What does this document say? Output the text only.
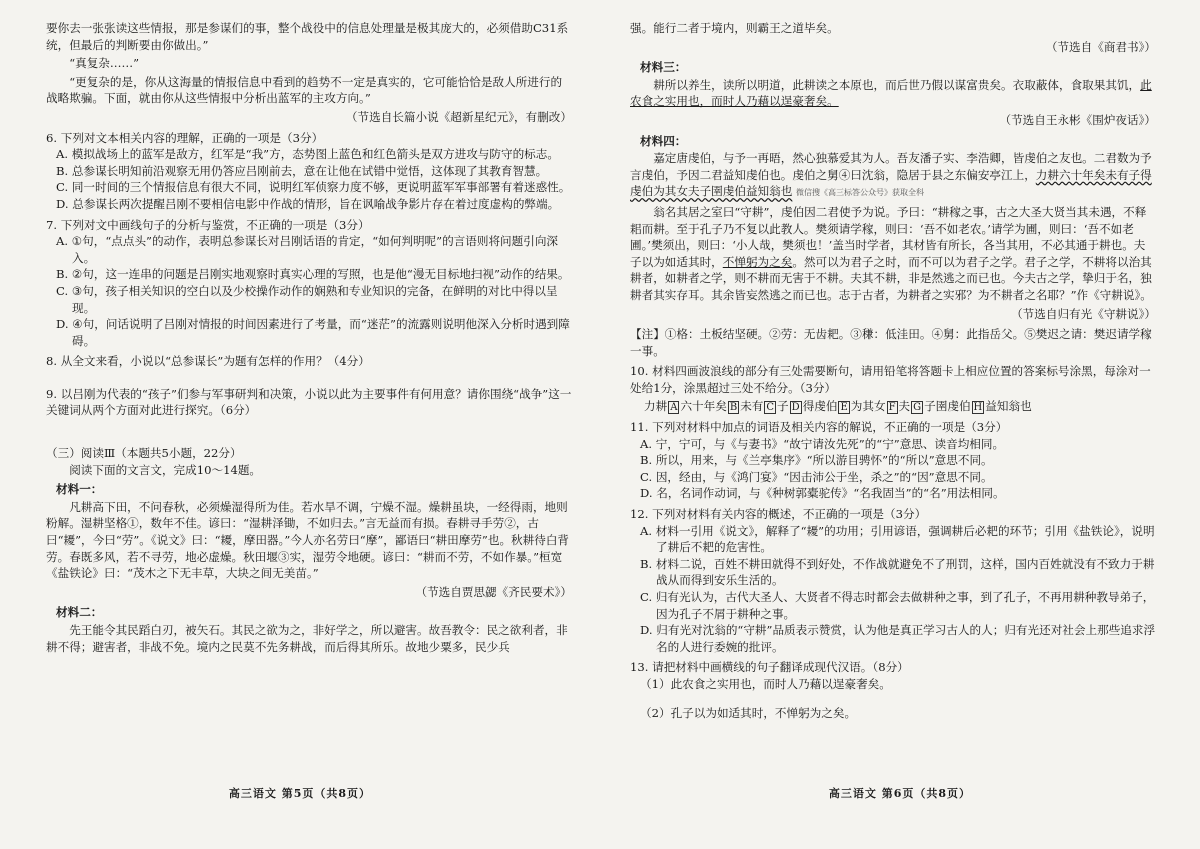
要你去一张张读这些情报，那是参谋们的事，整个战役中的信息处理量是极其庞大的，必须借助C31系统，但最后的判断要由你做出。”

“真复杂……”

“更复杂的是，你从这海量的情报信息中看到的趋势不一定是真实的，它可能恰恰是敌人所进行的战略欺骗。下面，就由你从这些情报中分析出蓝军的主攻方向。”

（节选自长篇小说《超新星纪元》，有删改）

6. 下列对文本相关内容的理解，正确的一项是（3分）

A. 模拟战场上的蓝军是敌方，红军是“我”方，态势图上蓝色和红色箭头是双方进攻与防守的标志。

B. 总参谋长明知前沿观察无用仍答应吕刚前去，意在让他在试错中觉悟，这体现了其教育智慧。

C. 同一时间的三个情报信息有很大不同，说明红军侦察力度不够，更说明蓝军军事部署有着迷惑性。

D. 总参谋长两次提醒吕刚不要相信电影中作战的情形，旨在讽喻战争影片存在着过度虚构的弊端。

7. 下列对文中画线句子的分析与鉴赏，不正确的一项是（3分）

A. ①句，“点点头”的动作，表明总参谋长对吕刚话语的肯定，“如何判明呢”的言语则将问题引向深入。

B. ②句，这一连串的问题是吕刚实地观察时真实心理的写照，也是他“漫无目标地扫视”动作的结果。

C. ③句，孩子相关知识的空白以及少校操作动作的娴熟和专业知识的完备，在鲜明的对比中得以呈现。

D. ④句，问话说明了吕刚对情报的时间因素进行了考量，而“迷茫”的流露则说明他深入分析时遇到障碍。

8. 从全文来看，小说以“总参谋长”为题有怎样的作用？（4分）

9. 以吕刚为代表的“孩子”们参与军事研判和决策，小说以此为主要事件有何用意？请你围绕“战争”这一关键词从两个方面对此进行探究。（6分）

（三）阅读Ⅲ（本题共5小题，22分）

阅读下面的文言文，完成10～14题。

材料一：

凡耕高下田，不问春秋，必须燥湿得所为佳。若水旱不调，宁燥不湿。燥耕虽块，一经得雨，地则粉解。湿耕坚格①，数年不佳。谚曰：“湿耕泽锄，不如归去。”言无益而有损。春耕寻手劳②，古曰“耰”，今曰“劳”。《说文》曰：“耰，摩田器。”今人亦名劳曰“摩”，鄙语曰“耕田摩劳”也。秋耕待白背劳。春既多风，若不寻劳，地必虚燥。秋田堰③实，湿劳令地硬。谚曰：“耕而不劳，不如作暴。”桓宽《盐铁论》曰：“茂木之下无丰草，大块之间无美苗。”

（节选自贾思勰《齐民要术》）

材料二：

先王能令其民蹈白刃，被矢石。其民之欲为之，非好学之，所以避害。故吾教令：民之欲利者，非耕不得；避害者，非战不免。境内之民莫不先务耕战，而后得其所乐。故地少粟多，民少兵

高三语文 第5页（共8页）

强。能行二者于境内，则霸王之道毕矣。

（节选自《商君书》）

材料三：

耕所以养生，读所以明道，此耕读之本原也，而后世乃假以谋富贵矣。衣取蔽体，食取果其饥，此农食之实用也，而时人乃藉以逞豪奢矣。

（节选自王永彬《围炉夜话》）

材料四：

嘉定唐虔伯，与予一再晤，然心独慕爱其为人。吾友潘子实、李浩卿，皆虔伯之友也。二君数为予言虔伯，予因二君益知虔伯也。虔伯之舅④曰沈翁，隐居于县之东偏安亭江上，力耕六十年矣未有子得虔伯为其女夫子圉虔伯益知翁也 微信搜《高三标答公众号》获取全科

翁名其居之室曰“守耕”，虔伯因二君使予为说。予曰：“耕稼之事，古之大圣大贤当其未遇，不释耜而耕。至于孔子乃不复以此教人。樊须请学稼，则曰：‘吾不如老农。’请学为圃，则曰：‘吾不如老圃。’樊须出，则曰：‘小人哉，樊须也！’盖当时学者，其材皆有所长，各当其用，不必其通于耕也。夫子以为如适其时，不惮躬为之矣。然可以为君子之时，而不可以为君子之学。君子之学，不耕将以治其耕者，如耕者之学，则不耕而无害于不耕。夫其不耕，非是然逃之而已也。今夫古之学，挚归于名，独耕者其实存耳。其余皆妄然逃之而已也。志于古者，为耕者之实邪？为不耕者之名耶？”作《守耕说》。

（节选自归有光《守耕说》）

【注】①格：土板结坚硬。②劳：无齿耙。③稴：低洼田。④舅：此指岳父。⑤樊迟之请：樊迟请学稼一事。

10. 材料四画波浪线的部分有三处需要断句，请用铅笔将答题卡上相应位置的答案标号涂黑，每涂对一处给1分，涂黑超过三处不给分。（3分）

力耕 A 六十年矣 B 未有 C 子 D 得虔伯 E 为其女 F 夫 G 子圉虔伯 H 益知翁也

11. 下列对材料中加点的词语及相关内容的解说，不正确的一项是（3分）

A. 宁，宁可，与《与妻书》“故宁请汝先死”的“宁”意思、读音均相同。

B. 所以，用来，与《兰亭集序》“所以游目骋怀”的“所以”意思不同。

C. 因，经由，与《鸿门宴》“因击沛公于坐，杀之”的“因”意思不同。

D. 名，名词作动词，与《种树郭橐驼传》“名我固当”的“名”用法相同。

12. 下列对材料有关内容的概述，不正确的一项是（3分）

A. 材料一引用《说文》，解释了“耰”的功用；引用谚语，强调耕后必耙的环节；引用《盐铁论》，说明了耕后不耙的危害性。

B. 材料二说，百姓不耕田就得不到好处，不作战就避免不了刑罚，这样，国内百姓就没有不致力于耕战从而得到安乐生活的。

C. 归有光认为，古代大圣人、大贤者不得志时都会去做耕种之事，到了孔子，不再用耕种教导弟子，因为孔子不屑于耕种之事。

D. 归有光对沈翁的“守耕”品质表示赞赏，认为他是真正学习古人的人；归有光还对社会上那些追求浮名的人进行委婉的批评。

13. 请把材料中画横线的句子翻译成现代汉语。（8分）

（1）此农食之实用也，而时人乃藉以逞豪奢矣。

（2）孔子以为如适其时，不惮躬为之矣。

高三语文 第6页（共8页）
